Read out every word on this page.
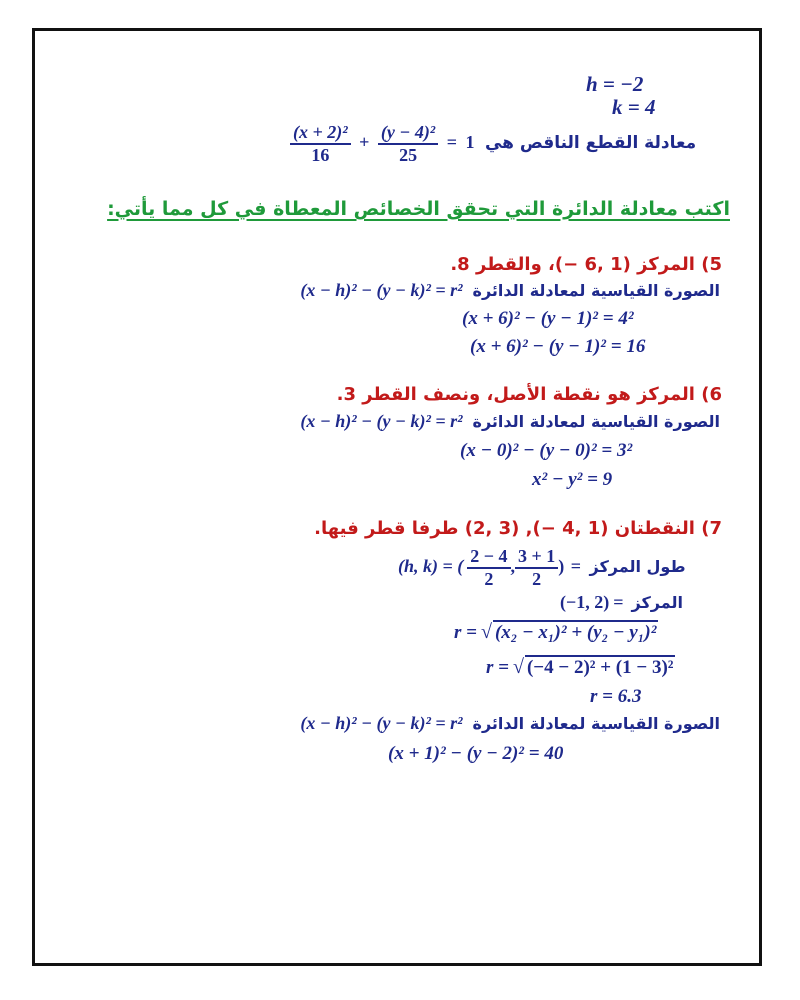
h = −2
k = 4
$\frac{\text{(x + 2)²}}{16} + \frac{\text{(y − 4)²}}{25} = 1$ معادلة القطع الناقص هي
اكتب معادلة الدائرة التي تحقق الخصائص المعطاة في كل مما يأتي:
5) المركز (1 ,6 −)، والقطر 8.
(x − h)² − (y − k)² = r² الصورة القياسية لمعادلة الدائرة
(x + 6)² − (y − 1)² = 4²
(x + 6)² − (y − 1)² = 16
6) المركز هو نقطة الأصل، ونصف القطر 3.
(x − h)² − (y − k)² = r² الصورة القياسية لمعادلة الدائرة
(x − 0)² − (y − 0)² = 3²
x² − y² = 9
7) النقطتان (1 ,4 −), (3 ,2) طرفا قطر فيها.
(h, k) = ( $\frac{2 - 4}{2}$ , $\frac{3 + 1}{2}$ ) = طول المركز
(−1, 2) = المركز
r = √ (x₂ − x₁)² + (y₂ − y₁)²
r = √ (−4 − 2)² + (1 − 3)²
r = 6.3
(x − h)² − (y − k)² = r² الصورة القياسية لمعادلة الدائرة
(x + 1)² − (y − 2)² = 40
